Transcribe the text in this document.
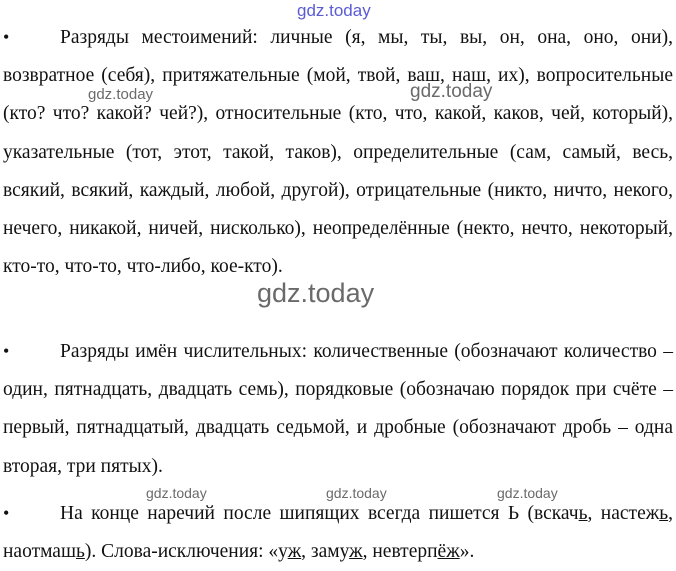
gdz.today
•	Разряды местоимений: личные (я, мы, ты, вы, он, она, оно, они), возвратное (себя), притяжательные (мой, твой, ваш, наш, их), вопросительные (кто? что? какой? чей?), относительные (кто, что, какой, каков, чей, который), указательные (тот, этот, такой, таков), определительные (сам, самый, весь, всякий, всякий, каждый, любой, другой), отрицательные (никто, ничто, некого, нечего, никакой, ничей, нисколько), неопределённые (некто, нечто, некоторый, кто-то, что-то, что-либо, кое-кто).
•	Разряды имён числительных: количественные (обозначают количество – один, пятнадцать, двадцать семь), порядковые (обозначаю порядок при счёте – первый, пятнадцатый, двадцать седьмой, и дробные (обозначают дробь – одна вторая, три пятых).
•	На конце наречий после шипящих всегда пишется Ь (вскачь, настежь, наотмашь). Слова-исключения: «уж, замуж, невтерпёж».
gdz.today	gdz.today
gdz.today
gdz.today	gdz.today	gdz.today
